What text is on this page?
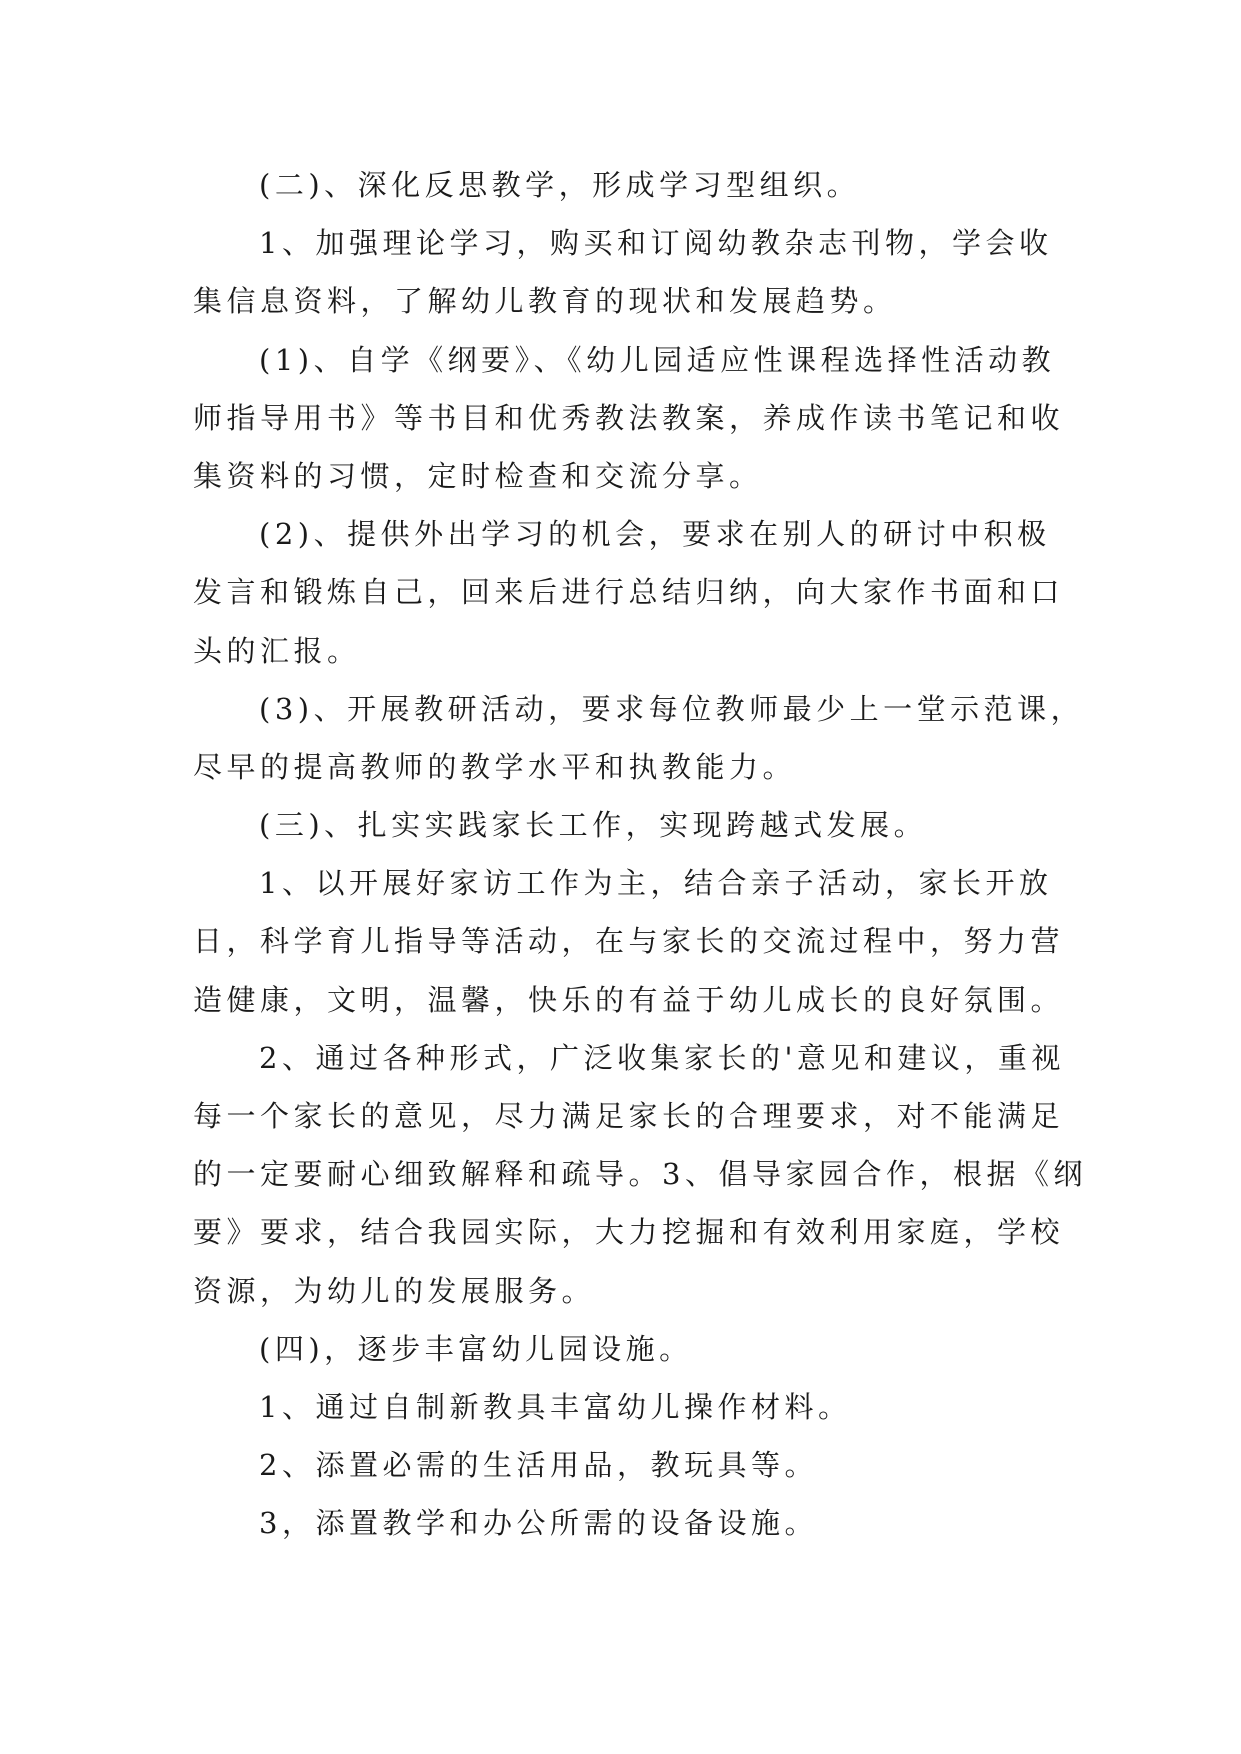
(二)、深化反思教学，形成学习型组织。
1、加强理论学习，购买和订阅幼教杂志刊物，学会收
集信息资料，了解幼儿教育的现状和发展趋势。
(1)、自学《纲要》、《幼儿园适应性课程选择性活动教
师指导用书》等书目和优秀教法教案，养成作读书笔记和收
集资料的习惯，定时检查和交流分享。
(2)、提供外出学习的机会，要求在别人的研讨中积极
发言和锻炼自己，回来后进行总结归纳，向大家作书面和口
头的汇报。
(3)、开展教研活动，要求每位教师最少上一堂示范课，
尽早的提高教师的教学水平和执教能力。
(三)、扎实实践家长工作，实现跨越式发展。
1、以开展好家访工作为主，结合亲子活动，家长开放
日，科学育儿指导等活动，在与家长的交流过程中，努力营
造健康，文明，温馨，快乐的有益于幼儿成长的良好氛围。
2、通过各种形式，广泛收集家长的'意见和建议，重视
每一个家长的意见，尽力满足家长的合理要求，对不能满足
的一定要耐心细致解释和疏导。3、倡导家园合作，根据《纲
要》要求，结合我园实际，大力挖掘和有效利用家庭，学校
资源，为幼儿的发展服务。
(四)，逐步丰富幼儿园设施。
1、通过自制新教具丰富幼儿操作材料。
2、添置必需的生活用品，教玩具等。
3，添置教学和办公所需的设备设施。
